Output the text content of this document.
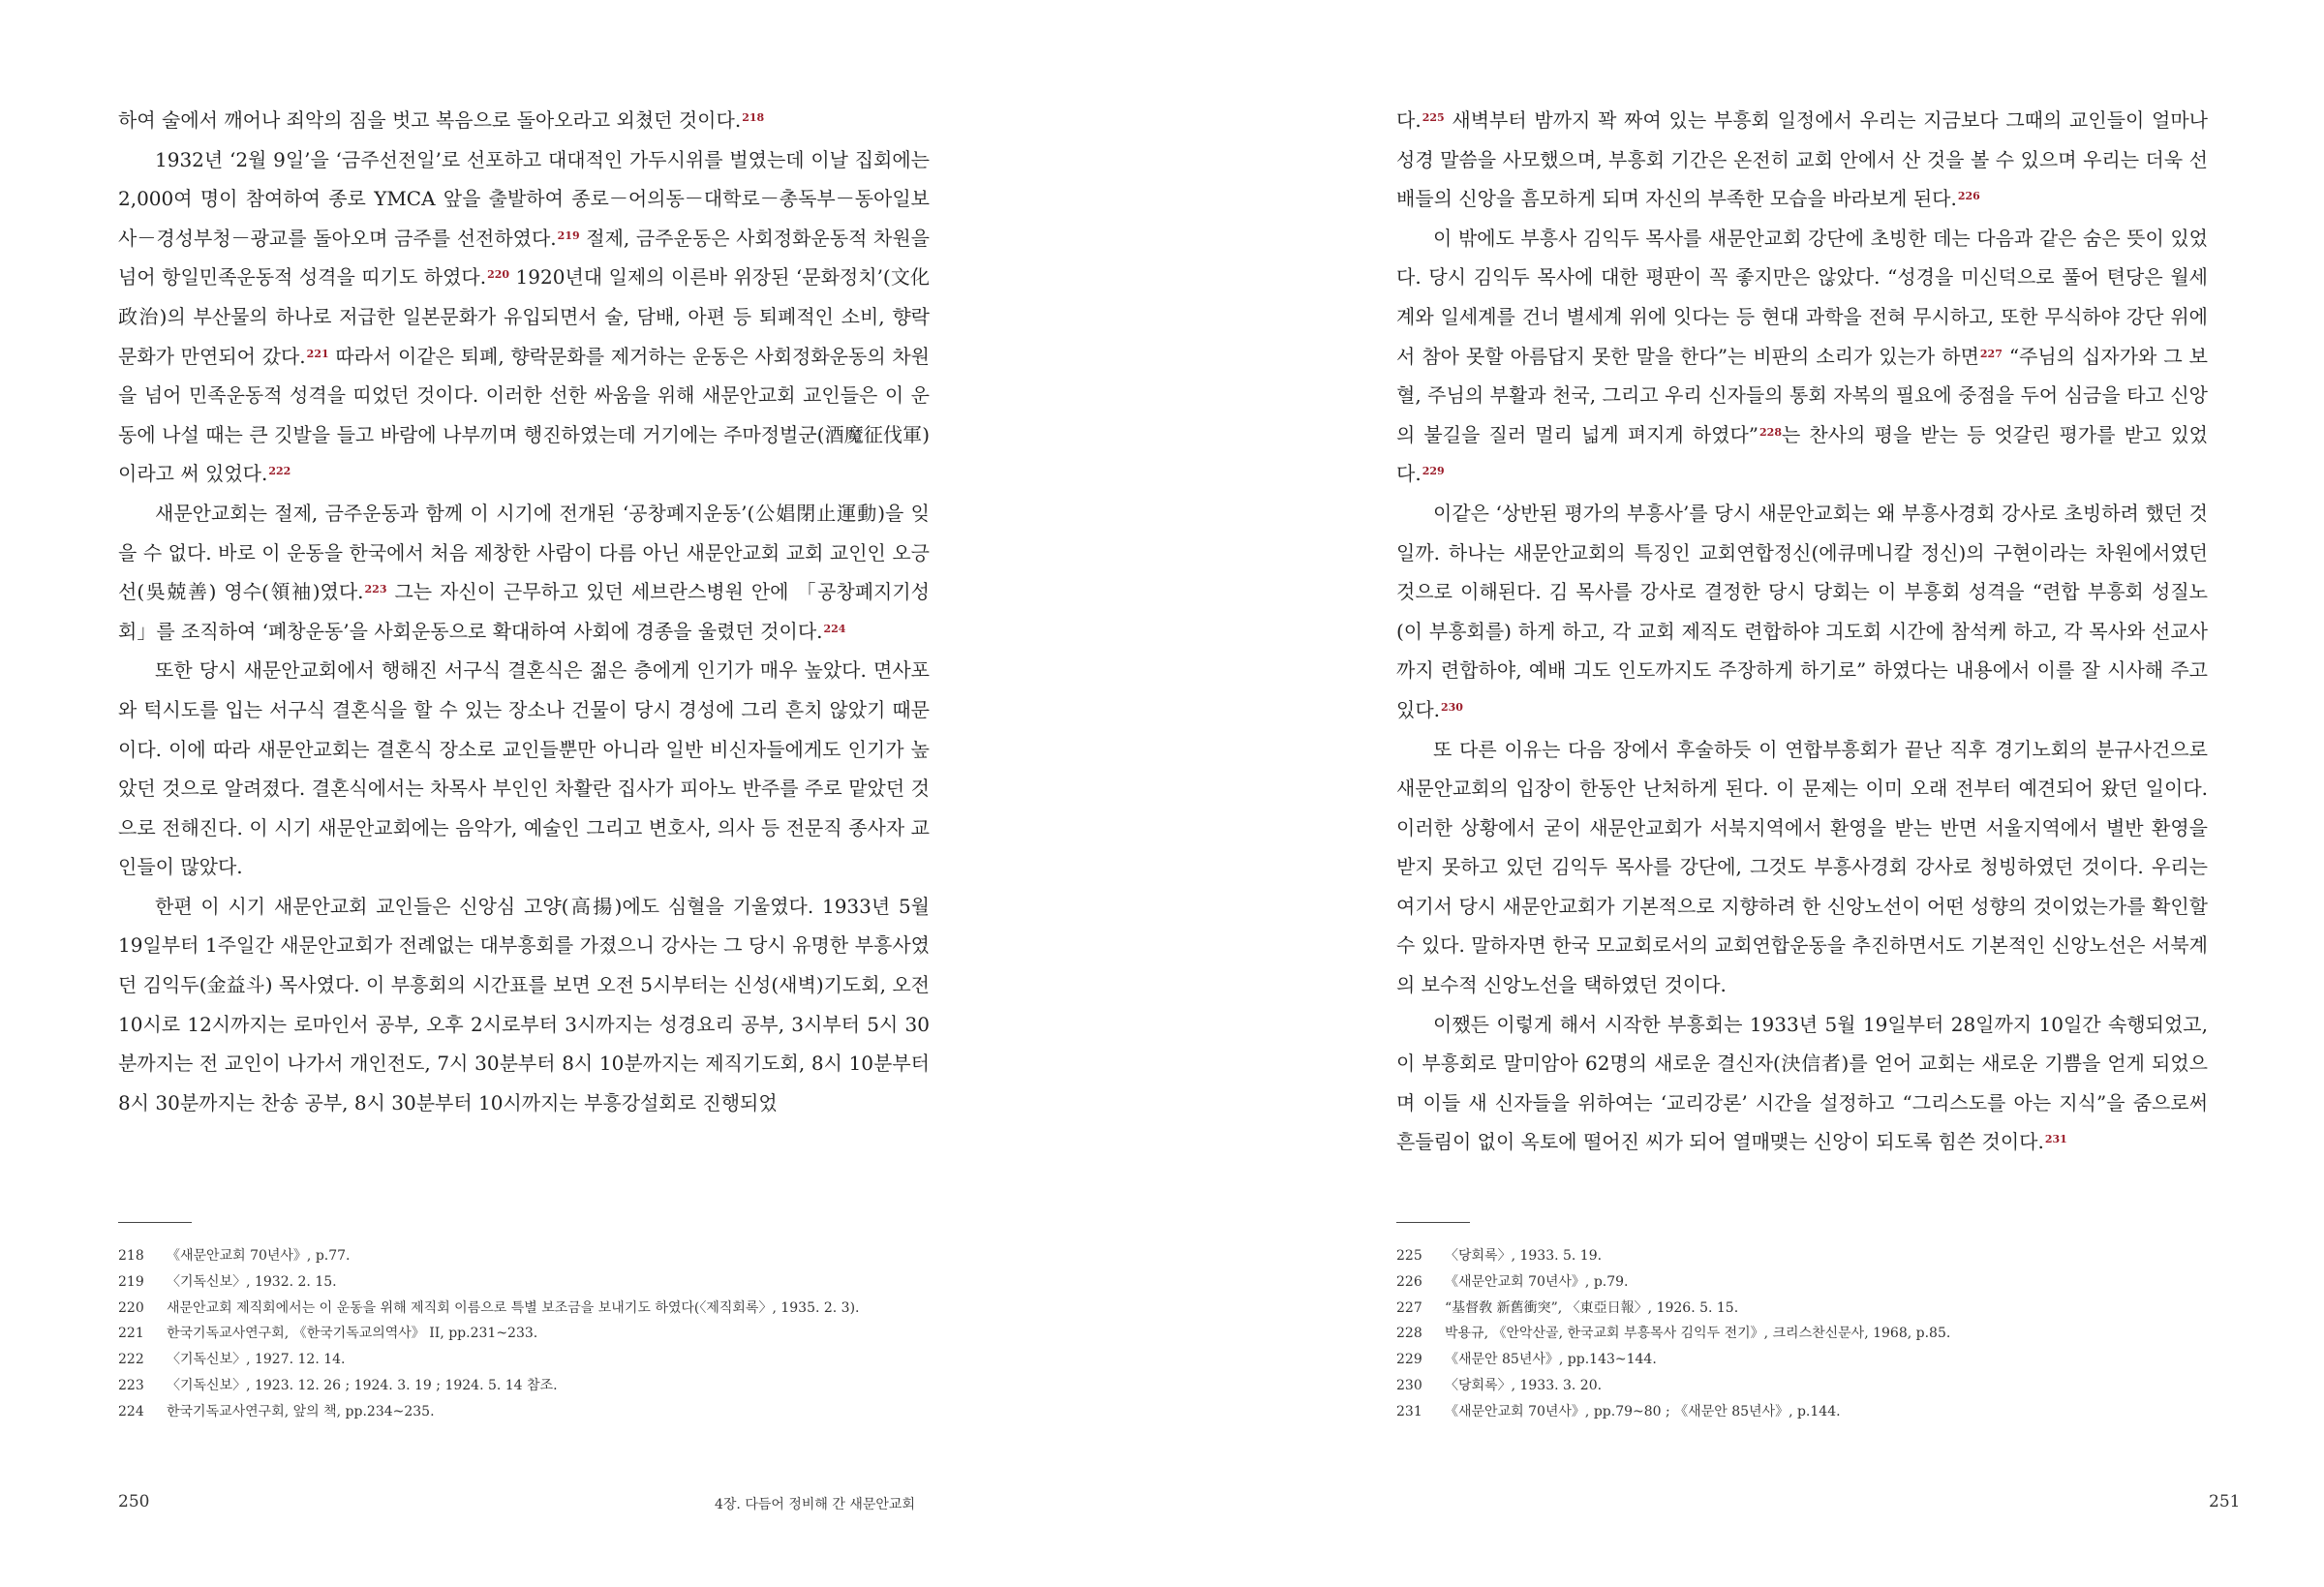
하여 술에서 깨어나 죄악의 짐을 벗고 복음으로 돌아오라고 외쳤던 것이다.$^{218}$

1932년 ‘2월 9일’을 ‘금주선전일’로 선포하고 대대적인 가두시위를 벌였는데 이날 집회에는 2,000여 명이 참여하여 종로 YMCA 앞을 출발하여 종로－어의동－대학로－총독부－동아일보사－경성부청－광교를 돌아오며 금주를 선전하였다.$^{219}$ 절제, 금주운동은 사회정화운동적 차원을 넘어 항일민족운동적 성격을 띠기도 하였다.$^{220}$ 1920년대 일제의 이른바 위장된 ‘문화정치’(文化政治)의 부산물의 하나로 저급한 일본문화가 유입되면서 술, 담배, 아편 등 퇴폐적인 소비, 향락문화가 만연되어 갔다.$^{221}$ 따라서 이같은 퇴폐, 향락문화를 제거하는 운동은 사회정화운동의 차원을 넘어 민족운동적 성격을 띠었던 것이다. 이러한 선한 싸움을 위해 새문안교회 교인들은 이 운동에 나설 때는 큰 깃발을 들고 바람에 나부끼며 행진하였는데 거기에는 주마정벌군(酒魔征伐軍)이라고 써 있었다.$^{222}$

새문안교회는 절제, 금주운동과 함께 이 시기에 전개된 ‘공창폐지운동’(公娼閉止運動)을 잊을 수 없다. 바로 이 운동을 한국에서 처음 제창한 사람이 다름 아닌 새문안교회 교회 교인인 오긍선(吳兢善) 영수(領袖)였다.$^{223}$ 그는 자신이 근무하고 있던 세브란스병원 안에 「공창폐지기성회」를 조직하여 ‘폐창운동’을 사회운동으로 확대하여 사회에 경종을 울렸던 것이다.$^{224}$

또한 당시 새문안교회에서 행해진 서구식 결혼식은 젊은 층에게 인기가 매우 높았다. 면사포와 턱시도를 입는 서구식 결혼식을 할 수 있는 장소나 건물이 당시 경성에 그리 흔치 않았기 때문이다. 이에 따라 새문안교회는 결혼식 장소로 교인들뿐만 아니라 일반 비신자들에게도 인기가 높았던 것으로 알려졌다. 결혼식에서는 차목사 부인인 차활란 집사가 피아노 반주를 주로 맡았던 것으로 전해진다. 이 시기 새문안교회에는 음악가, 예술인 그리고 변호사, 의사 등 전문직 종사자 교인들이 많았다.

한편 이 시기 새문안교회 교인들은 신앙심 고양(高揚)에도 심혈을 기울였다. 1933년 5월 19일부터 1주일간 새문안교회가 전례없는 대부흥회를 가졌으니 강사는 그 당시 유명한 부흥사였던 김익두(金益斗) 목사였다. 이 부흥회의 시간표를 보면 오전 5시부터는 신성(새벽)기도회, 오전 10시로 12시까지는 로마인서 공부, 오후 2시로부터 3시까지는 성경요리 공부, 3시부터 5시 30분까지는 전 교인이 나가서 개인전도, 7시 30분부터 8시 10분까지는 제직기도회, 8시 10분부터 8시 30분까지는 찬송 공부, 8시 30분부터 10시까지는 부흥강설회로 진행되었

218	《새문안교회 70년사》, p.77.
219	〈기독신보〉, 1932. 2. 15.
220	새문안교회 제직회에서는 이 운동을 위해 제직회 이름으로 특별 보조금을 보내기도 하였다(〈제직회록〉, 1935. 2. 3).
221	한국기독교사연구회, 《한국기독교의역사》 II, pp.231~233.
222	〈기독신보〉, 1927. 12. 14.
223	〈기독신보〉, 1923. 12. 26 ; 1924. 3. 19 ; 1924. 5. 14 참조.
224	한국기독교사연구회, 앞의 책, pp.234~235.
250	4장. 다듬어 정비해 간 새문안교회

다.$^{225}$ 새벽부터 밤까지 꽉 짜여 있는 부흥회 일정에서 우리는 지금보다 그때의 교인들이 얼마나 성경 말씀을 사모했으며, 부흥회 기간은 온전히 교회 안에서 산 것을 볼 수 있으며 우리는 더욱 선배들의 신앙을 흠모하게 되며 자신의 부족한 모습을 바라보게 된다.$^{226}$

이 밖에도 부흥사 김익두 목사를 새문안교회 강단에 초빙한 데는 다음과 같은 숨은 뜻이 있었다. 당시 김익두 목사에 대한 평판이 꼭 좋지만은 않았다. “성경을 미신덕으로 풀어 텬당은 월세계와 일세계를 건너 별세계 위에 잇다는 등 현대 과학을 전혀 무시하고, 또한 무식하야 강단 위에서 참아 못할 아름답지 못한 말을 한다”는 비판의 소리가 있는가 하면$^{227}$ “주님의 십자가와 그 보혈, 주님의 부활과 천국, 그리고 우리 신자들의 통회 자복의 필요에 중점을 두어 심금을 타고 신앙의 불길을 질러 멀리 넓게 펴지게 하였다”$^{228}$는 찬사의 평을 받는 등 엇갈린 평가를 받고 있었다.$^{229}$

이같은 ‘상반된 평가의 부흥사’를 당시 새문안교회는 왜 부흥사경회 강사로 초빙하려 했던 것일까. 하나는 새문안교회의 특징인 교회연합정신(에큐메니칼 정신)의 구현이라는 차원에서였던 것으로 이해된다. 김 목사를 강사로 결정한 당시 당회는 이 부흥회 성격을 “련합 부흥회 성질노 (이 부흥회를) 하게 하고, 각 교회 제직도 련합하야 긔도회 시간에 참석케 하고, 각 목사와 선교사까지 련합하야, 예배 긔도 인도까지도 주장하게 하기로” 하였다는 내용에서 이를 잘 시사해 주고 있다.$^{230}$

또 다른 이유는 다음 장에서 후술하듯 이 연합부흥회가 끝난 직후 경기노회의 분규사건으로 새문안교회의 입장이 한동안 난처하게 된다. 이 문제는 이미 오래 전부터 예견되어 왔던 일이다. 이러한 상황에서 굳이 새문안교회가 서북지역에서 환영을 받는 반면 서울지역에서 별반 환영을 받지 못하고 있던 김익두 목사를 강단에, 그것도 부흥사경회 강사로 청빙하였던 것이다. 우리는 여기서 당시 새문안교회가 기본적으로 지향하려 한 신앙노선이 어떤 성향의 것이었는가를 확인할 수 있다. 말하자면 한국 모교회로서의 교회연합운동을 추진하면서도 기본적인 신앙노선은 서북계의 보수적 신앙노선을 택하였던 것이다.

이쨌든 이렇게 해서 시작한 부흥회는 1933년 5월 19일부터 28일까지 10일간 속행되었고, 이 부흥회로 말미암아 62명의 새로운 결신자(決信者)를 얻어 교회는 새로운 기쁨을 얻게 되었으며 이들 새 신자들을 위하여는 ‘교리강론’ 시간을 설정하고 “그리스도를 아는 지식”을 줌으로써 흔들림이 없이 옥토에 떨어진 씨가 되어 열매맺는 신앙이 되도록 힘쓴 것이다.$^{231}$

225	〈당회록〉, 1933. 5. 19.
226	《새문안교회 70년사》, p.79.
227	“基督敎 新舊衝突”, 〈東亞日報〉, 1926. 5. 15.
228	박용규, 《안악산골, 한국교회 부흥목사 김익두 전기》, 크리스찬신문사, 1968, p.85.
229	《새문안 85년사》, pp.143~144.
230	〈당회록〉, 1933. 3. 20.
231	《새문안교회 70년사》, pp.79~80 ; 《새문안 85년사》, p.144.
251
